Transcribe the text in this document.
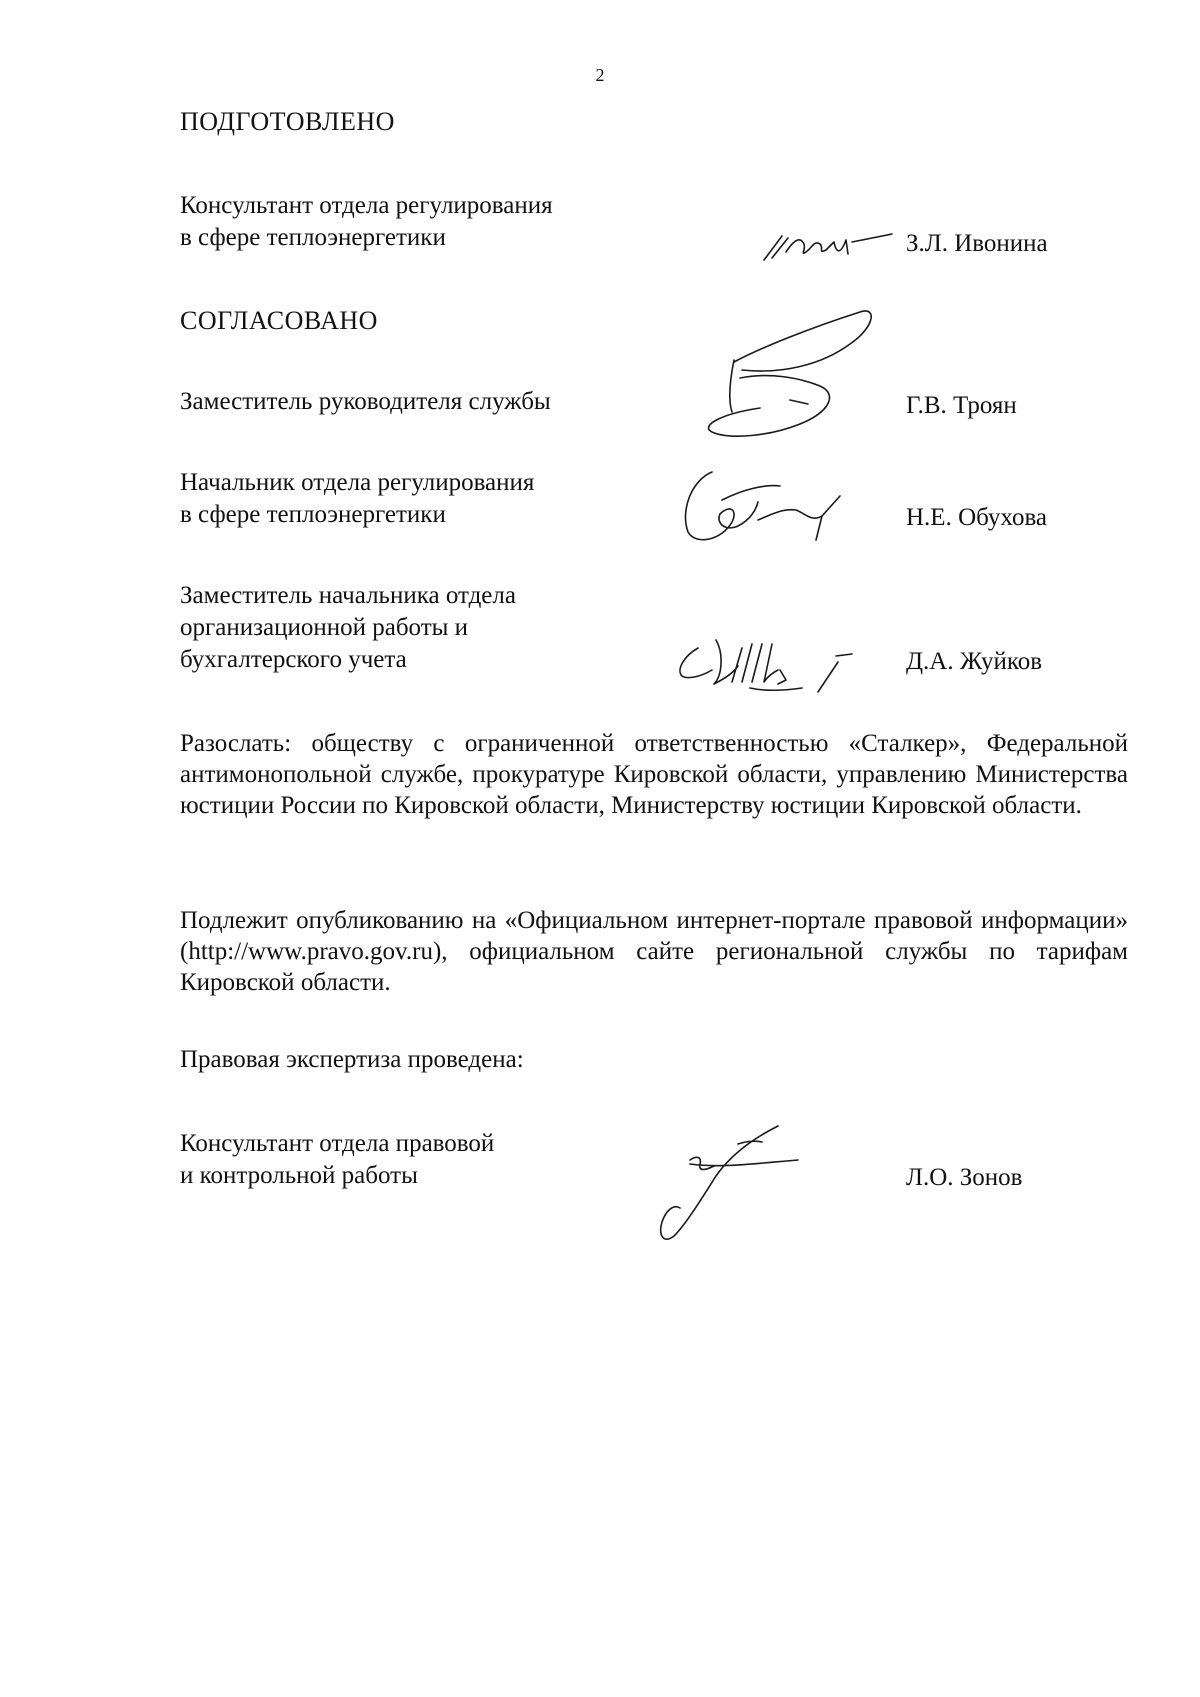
2
ПОДГОТОВЛЕНО
Консультант отдела регулирования
в сфере теплоэнергетики	З.Л. Ивонина
СОГЛАСОВАНО
Заместитель руководителя службы	Г.В. Троян
Начальник отдела регулирования
в сфере теплоэнергетики	Н.Е. Обухова
Заместитель начальника отдела
организационной работы и
бухгалтерского учета	Д.А. Жуйков
Разослать: обществу с ограниченной ответственностью «Сталкер», Федеральной антимонопольной службе, прокуратуре Кировской области, управлению Министерства юстиции России по Кировской области, Министерству юстиции Кировской области.
Подлежит опубликованию на «Официальном интернет-портале правовой информации» (http://www.pravo.gov.ru), официальном сайте региональной службы по тарифам Кировской области.
Правовая экспертиза проведена:
Консультант отдела правовой
и контрольной работы	Л.О. Зонов
